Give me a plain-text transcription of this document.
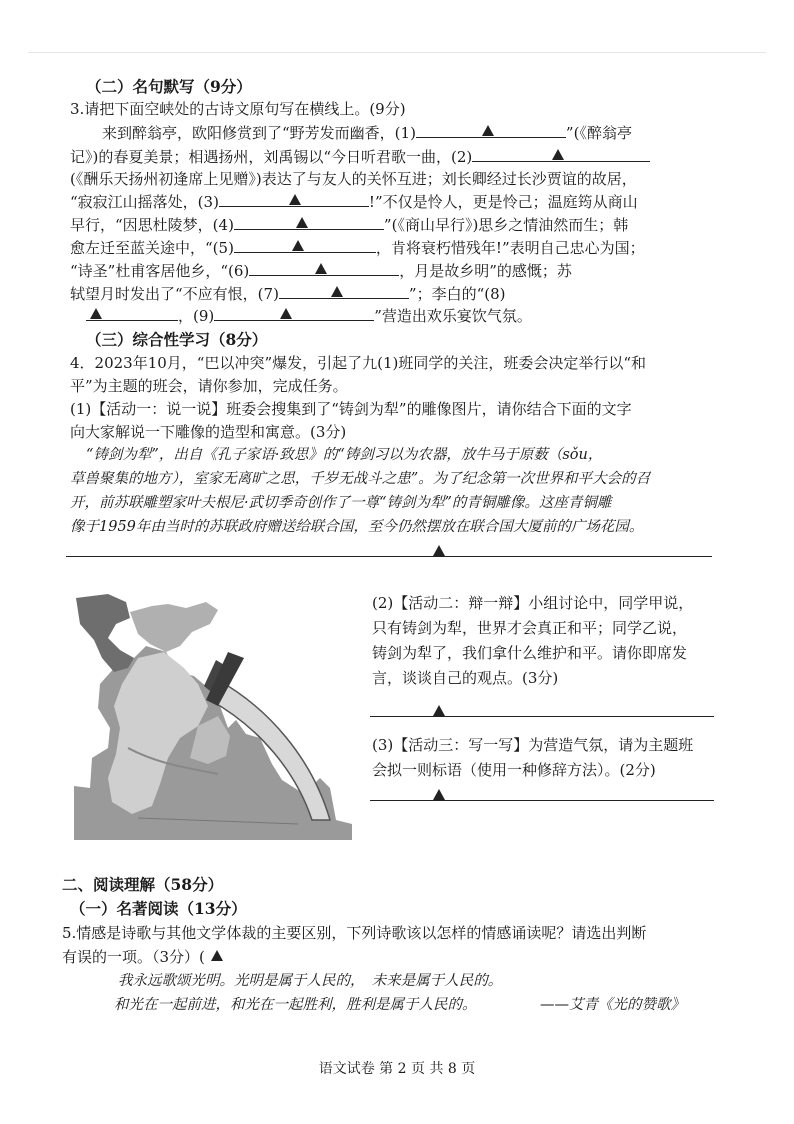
（二）名句默写（9分）
3.请把下面空峡处的古诗文原句写在横线上。(9分)
来到醉翁亭，欧阳修赏到了“野芳发而幽香，(1)	”(《醉翁亭
记》)的春夏美景；相遇扬州，刘禹锡以“今日听君歌一曲，(2)
(《酬乐天扬州初逢席上见赠》)表达了与友人的关怀互进；刘长卿经过长沙贾谊的故居，
“寂寂江山摇落处，(3)	!”不仅是怜人，更是怜己；温庭筠从商山
早行，“因思杜陵梦，(4)	”(《商山早行》)思乡之情油然而生；韩
愈左迁至蓝关途中，“(5)	，肯将衰朽惜残年!”表明自己忠心为国；
“诗圣”杜甫客居他乡，“(6)	，月是故乡明”的感慨；苏
轼望月时发出了“不应有恨，(7)	”；李白的“(8)
，(9)	”营造出欢乐宴饮气氛。
（三）综合性学习（8分）
4．2023年10月，“巴以冲突”爆发，引起了九(1)班同学的关注，班委会决定举行以“和
平”为主题的班会，请你参加，完成任务。
(1)【活动一：说一说】班委会搜集到了“铸剑为犁”的雕像图片，请你结合下面的文字
向大家解说一下雕像的造型和寓意。(3分)
“铸剑为犁”，出自《孔子家语·致思》的“铸剑习以为农器，放牛马于原薮（sǒu，
草兽聚集的地方），室家无离旷之思，千岁无战斗之患”。为了纪念第一次世界和平大会的召
开，前苏联雕塑家叶夫根尼·武切季奇创作了一尊“铸剑为犁”的青铜雕像。这座青铜雕
像于1959年由当时的苏联政府赠送给联合国，至今仍然摆放在联合国大厦前的广场花园。
(2)【活动二：辩一辩】小组讨论中，同学甲说，
只有铸剑为犁，世界才会真正和平；同学乙说，
铸剑为犁了，我们拿什么维护和平。请你即席发
言，谈谈自己的观点。(3分)
(3)【活动三：写一写】为营造气氛，请为主题班
会拟一则标语（使用一种修辞方法）。(2分)
二、阅读理解（58分）
（一）名著阅读（13分）
5.情感是诗歌与其他文学体裁的主要区别，下列诗歌该以怎样的情感诵读呢？请选出判断
有误的一项。（3分）(
我永远歌颂光明。光明是属于人民的，　未来是属于人民的。
和光在一起前进，和光在一起胜利，胜利是属于人民的。	——艾青《光的赞歌》
语文试卷 第 2 页 共 8 页
